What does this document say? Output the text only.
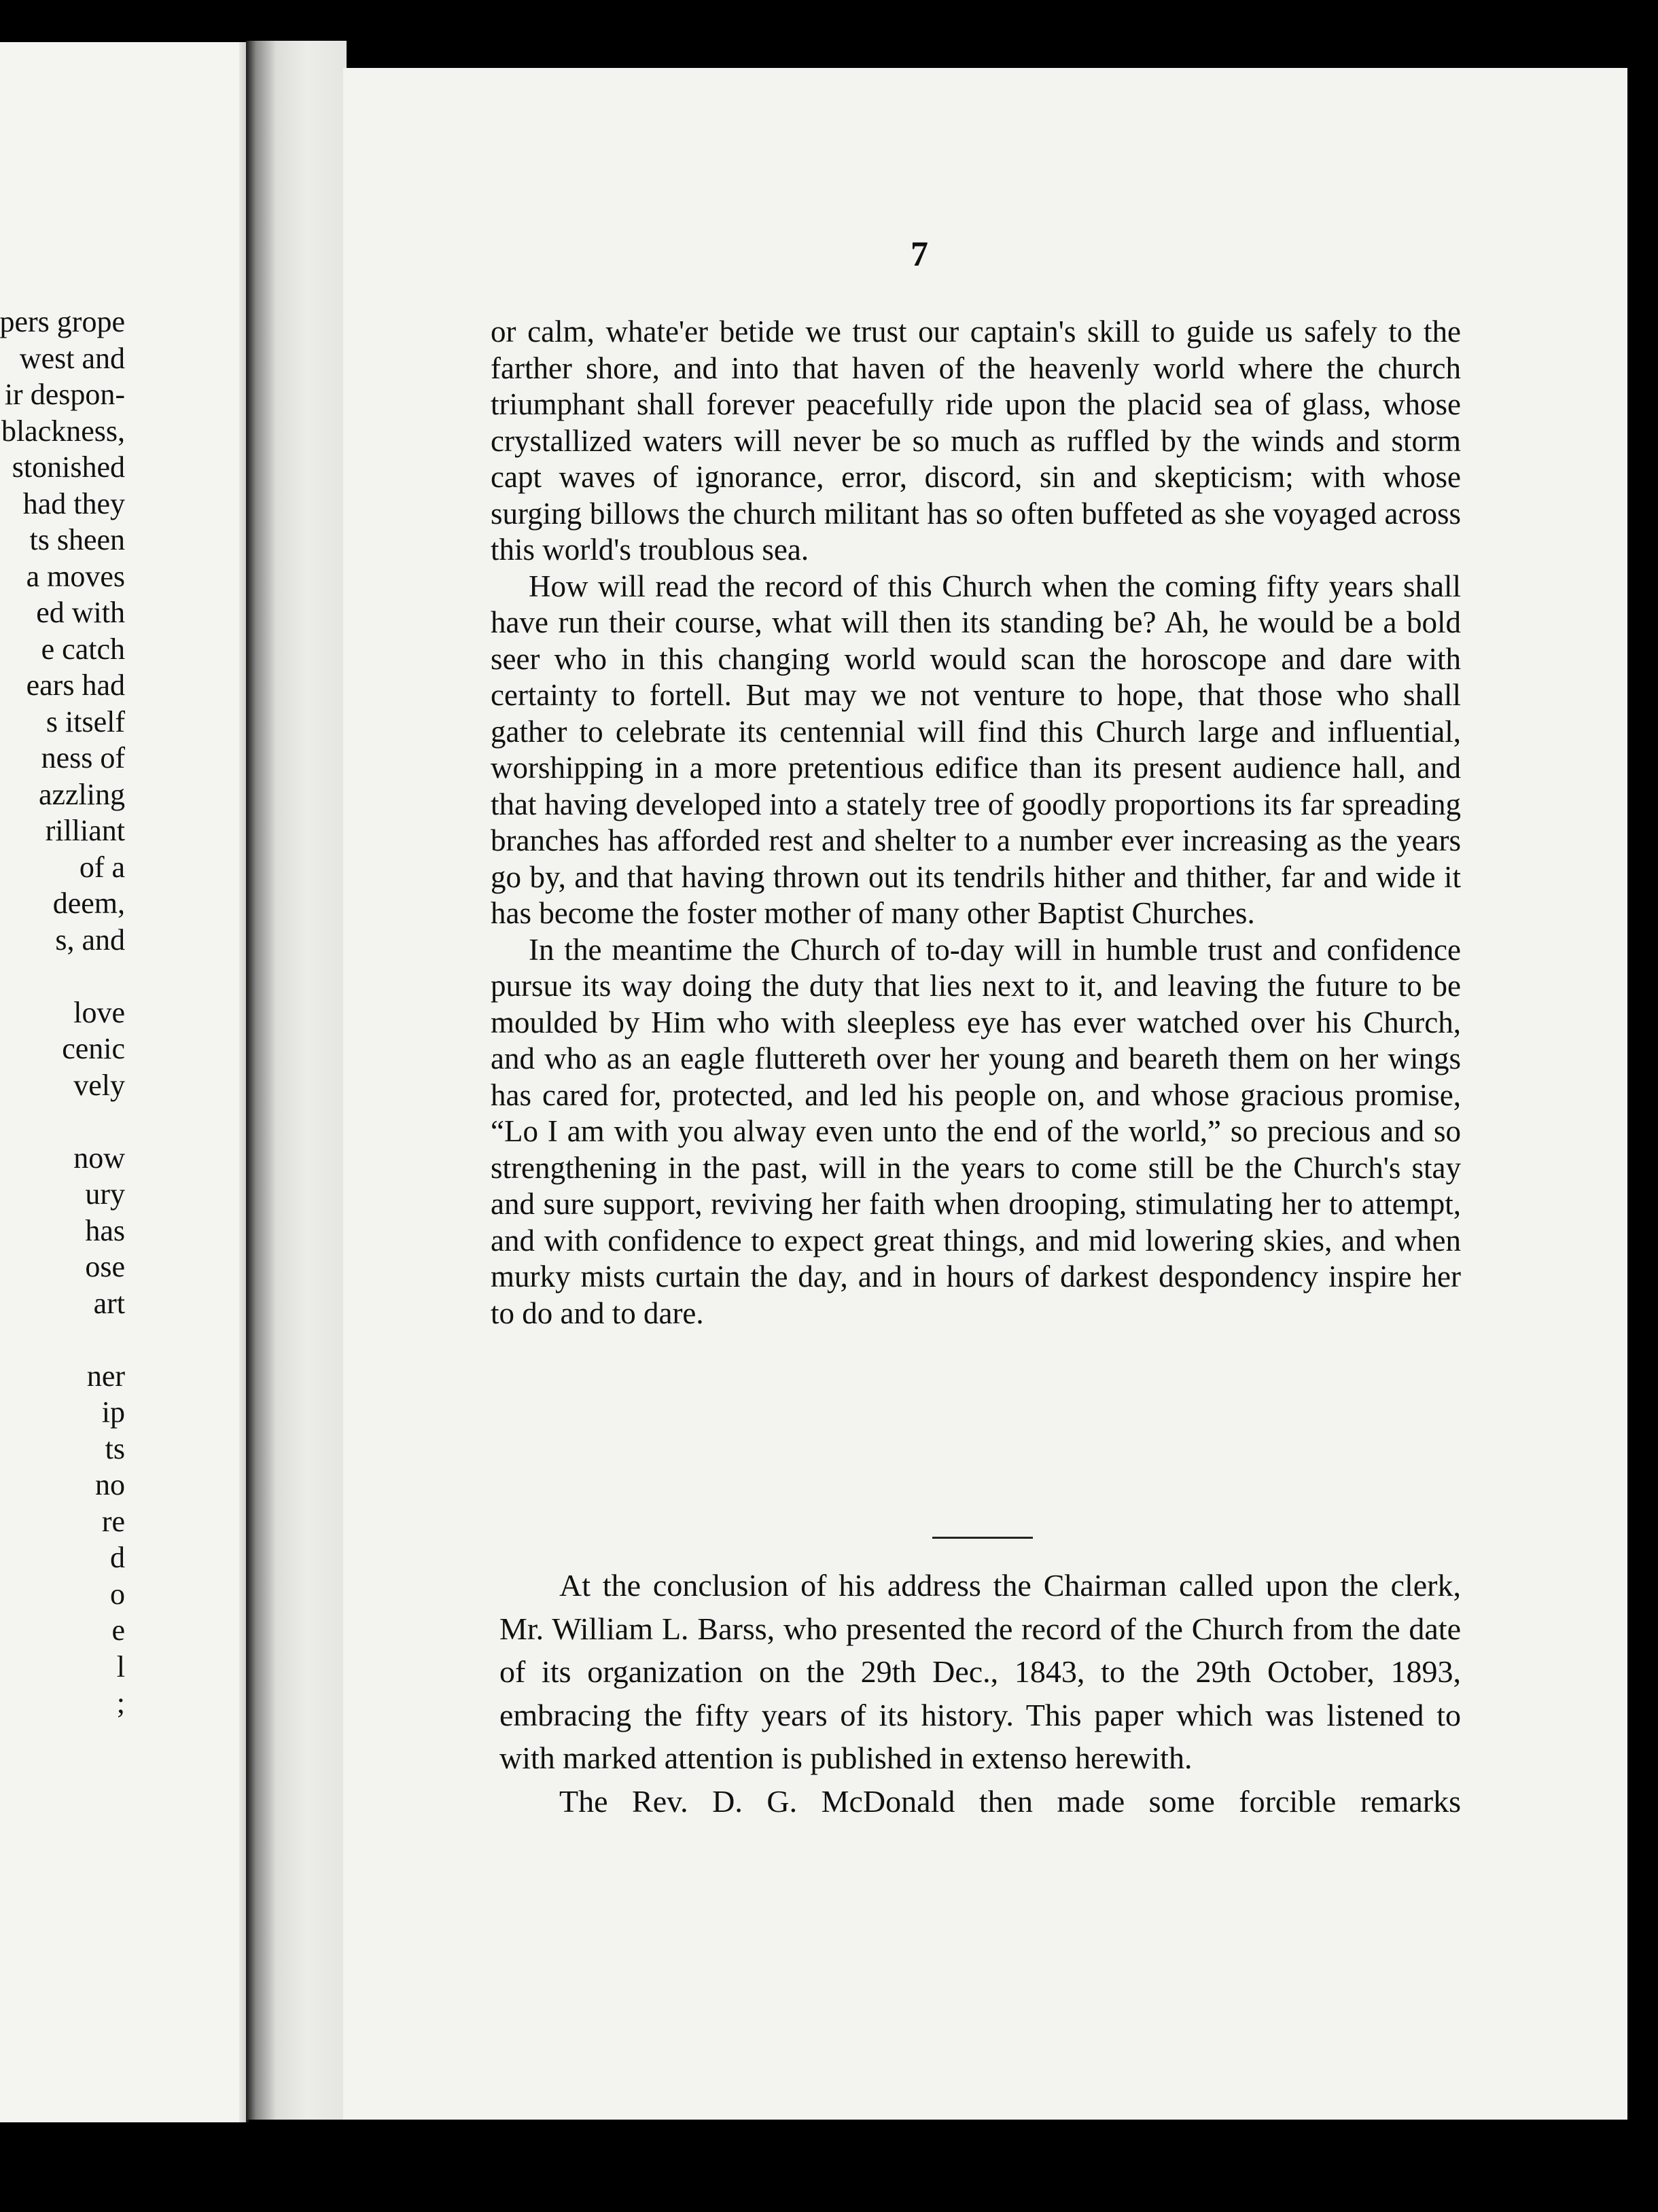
pers grope
west and
ir despon-
blackness,
stonished
had they
ts sheen
a moves
ed with
e catch
ears had
s itself
ness of
azzling
rilliant
of a
deem,
s, and

love
cenic
vely

now
ury
has
ose
art

ner
ip
ts
no
re
d
o
e
l
;
7

or calm, whate'er betide we trust our captain's skill to guide us safely to the farther shore, and into that haven of the heavenly world where the church triumphant shall forever peacefully ride upon the placid sea of glass, whose crystallized waters will never be so much as ruffled by the winds and storm capt waves of ignorance, error, discord, sin and skepticism; with whose surging billows the church militant has so often buffeted as she voyaged across this world's troublous sea.

How will read the record of this Church when the coming fifty years shall have run their course, what will then its standing be? Ah, he would be a bold seer who in this changing world would scan the horoscope and dare with certainty to fortell. But may we not venture to hope, that those who shall gather to celebrate its centennial will find this Church large and influential, worshipping in a more pretentious edifice than its present audience hall, and that having developed into a stately tree of goodly proportions its far spreading branches has afforded rest and shelter to a number ever increasing as the years go by, and that having thrown out its tendrils hither and thither, far and wide it has become the foster mother of many other Baptist Churches.

In the meantime the Church of to-day will in humble trust and confidence pursue its way doing the duty that lies next to it, and leaving the future to be moulded by Him who with sleepless eye has ever watched over his Church, and who as an eagle fluttereth over her young and beareth them on her wings has cared for, protected, and led his people on, and whose gracious promise, “Lo I am with you alway even unto the end of the world,” so precious and so strengthening in the past, will in the years to come still be the Church's stay and sure support, reviving her faith when drooping, stimulating her to attempt, and with confidence to expect great things, and mid lowering skies, and when murky mists curtain the day, and in hours of darkest despondency inspire her to do and to dare.

At the conclusion of his address the Chairman called upon the clerk, Mr. William L. Barss, who presented the record of the Church from the date of its organization on the 29th Dec., 1843, to the 29th October, 1893, embracing the fifty years of its history. This paper which was listened to with marked attention is published in extenso herewith.

The Rev. D. G. McDonald then made some forcible remarks
